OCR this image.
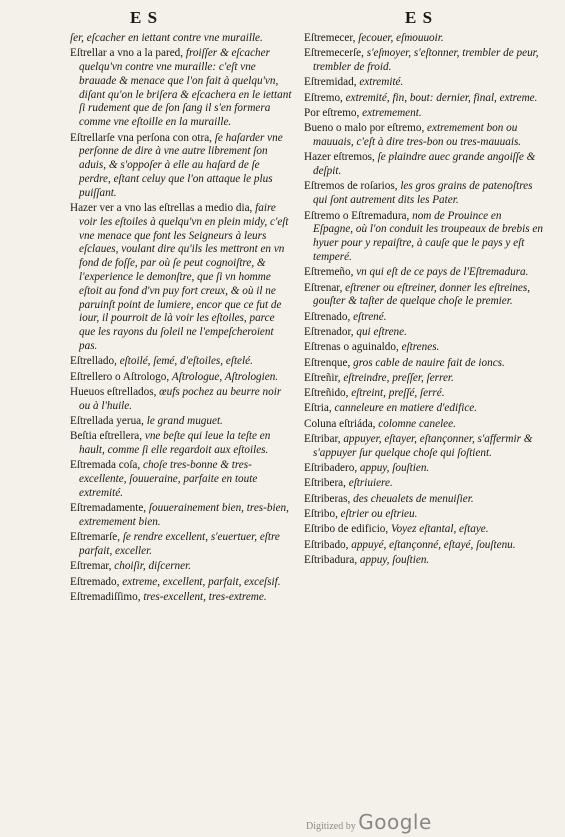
E S	E S

ſer, eſcacher en iettant contre vne muraille.

Eſtrellar a vno a la pared, froiſſer & eſcacher quelqu'vn contre vne muraille: c'eſt vne brauade & menace que l'on fait à quelqu'vn, diſant qu'on le briſera & eſcachera en le iettant ſi rudement que de ſon ſang il s'en formera comme vne eſtoille en la muraille.

Eſtrellarſe vna perſona con otra, ſe haſarder vne perſonne de dire à vne autre librement ſon aduis, & s'oppoſer à elle au haſard de ſe perdre, eſtant celuy que l'on attaque le plus puiſſant.

Hazer ver a vno las eſtrellas a medio dia, faire voir les eſtoiles à quelqu'vn en plein midy, c'eſt vne menace que font les Seigneurs à leurs eſclaues, voulant dire qu'ils les mettront en vn fond de foſſe, par où ſe peut cognoiſtre, & l'experience le demonſtre, que ſi vn homme eſtoit au fond d'vn puy fort creux, & où il ne paruinſt point de lumiere, encor que ce fut de iour, il pourroit de là voir les eſtoiles, parce que les rayons du ſoleil ne l'empeſcheroient pas.

Eſtrellado, eſtoilé, ſemé, d'eſtoiles, eſtelé.

Eſtrellero o Aſtrologo, Aſtrologue, Aſtrologien.

Hueuos eſtrellados, œufs pochez au beurre noir ou à l'huile.

Eſtrellada yerua, le grand muguet.

Beſtia eſtrellera, vne beſte qui leue la teſte en hault, comme ſi elle regardoit aux eſtoiles.

Eſtremada coſa, choſe tres-bonne & tres-excellente, ſouueraine, parfaite en toute extremité.

Eſtremadamente, ſouuerainement bien, tres-bien, extremement bien.

Eſtremarſe, ſe rendre excellent, s'euertuer, eſtre parfait, exceller.

Eſtremar, choiſir, diſcerner.

Eſtremado, extreme, excellent, parfait, exceſsif.

Eſtremadiſſimo, tres-excellent, tres-extreme.

Eſtremecer, ſecouer, eſmouuoir.

Eſtremecerſe, s'eſmoyer, s'eſtonner, trembler de peur, trembler de froid.

Eſtremidad, extremité.

Eſtremo, extremité, fin, bout: dernier, final, extreme.

Por eſtremo, extremement.

Bueno o malo por eſtremo, extremement bon ou mauuais, c'eſt à dire tres-bon ou tres-mauuais.

Hazer eſtremos, ſe plaindre auec grande angoiſſe & deſpit.

Eſtremos de roſarios, les gros grains de patenoſtres qui ſont autrement dits les Pater.

Eſtremo o Eſtremadura, nom de Prouince en Eſpagne, où l'on conduit les troupeaux de brebis en hyuer pour y repaiſtre, à cauſe que le pays y eſt temperé.

Eſtremeño, vn qui eſt de ce pays de l'Eſtremadura.

Eſtrenar, eſtrener ou eſtreiner, donner les eſtreines, gouſter & taſter de quelque choſe le premier.

Eſtrenado, eſtrené.

Eſtrenador, qui eſtrene.

Eſtrenas o aguinaldo, eſtrenes.

Eſtrenque, gros cable de nauire fait de ioncs.

Eſtreñir, eſtreindre, preſſer, ſerrer.

Eſtreñido, eſtreint, preſſé, ſerré.

Eſtria, canneleure en matiere d'edifice.

Coluna eſtriáda, colomne canelee.

Eſtribar, appuyer, eſtayer, eſtançonner, s'affermir & s'appuyer ſur quelque choſe qui ſoſtient.

Eſtribadero, appuy, ſouſtien.

Eſtribera, eſtriuiere.

Eſtriberas, des cheualets de menuiſier.

Eſtribo, eſtrier ou eſtrieu.

Eſtribo de edificio, Voyez eſtantal, eſtaye.

Eſtribado, appuyé, eſtançonné, eſtayé, ſouſtenu.

Eſtribadura, appuy, ſouſtien.

Digitized by Google
